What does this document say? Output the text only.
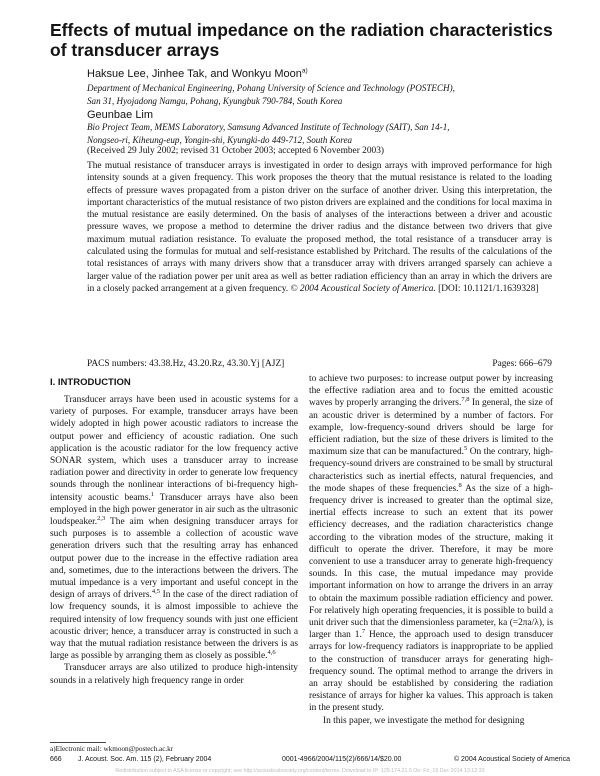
Effects of mutual impedance on the radiation characteristics of transducer arrays
Haksue Lee, Jinhee Tak, and Wonkyu Moon$^{a)}$
Department of Mechanical Engineering, Pohang University of Science and Technology (POSTECH),
San 31, Hyojadong Namgu, Pohang, Kyungbuk 790-784, South Korea
Geunbae Lim
Bio Project Team, MEMS Laboratory, Samsung Advanced Institute of Technology (SAIT), San 14-1,
Nongseo-ri, Kiheung-eup, Yongin-shi, Kyungki-do 449-712, South Korea
(Received 29 July 2002; revised 31 October 2003; accepted 6 November 2003)
The mutual resistance of transducer arrays is investigated in order to design arrays with improved performance for high intensity sounds at a given frequency. This work proposes the theory that the mutual resistance is related to the loading effects of pressure waves propagated from a piston driver on the surface of another driver. Using this interpretation, the important characteristics of the mutual resistance of two piston drivers are explained and the conditions for local maxima in the mutual resistance are easily determined. On the basis of analyses of the interactions between a driver and acoustic pressure waves, we propose a method to determine the driver radius and the distance between two drivers that give maximum mutual radiation resistance. To evaluate the proposed method, the total resistance of a transducer array is calculated using the formulas for mutual and self-resistance established by Pritchard. The results of the calculations of the total resistances of arrays with many drivers show that a transducer array with drivers arranged sparsely can achieve a larger value of the radiation power per unit area as well as better radiation efficiency than an array in which the drivers are in a closely packed arrangement at a given frequency. © 2004 Acoustical Society of America. [DOI: 10.1121/1.1639328]
PACS numbers: 43.38.Hz, 43.20.Rz, 43.30.Yj [AJZ]	Pages: 666–679
I. INTRODUCTION

Transducer arrays have been used in acoustic systems for a variety of purposes. For example, transducer arrays have been widely adopted in high power acoustic radiators to increase the output power and efficiency of acoustic radiation. One such application is the acoustic radiator for the low frequency active SONAR system, which uses a transducer array to increase radiation power and directivity in order to generate low frequency sounds through the nonlinear interactions of bi-frequency high-intensity acoustic beams.$^1$ Transducer arrays have also been employed in the high power generator in air such as the ultrasonic loudspeaker.$^{2,3}$ The aim when designing transducer arrays for such purposes is to assemble a collection of acoustic wave generation drivers such that the resulting array has enhanced output power due to the increase in the effective radiation area and, sometimes, due to the interactions between the drivers. The mutual impedance is a very important and useful concept in the design of arrays of drivers.$^{4,5}$ In the case of the direct radiation of low frequency sounds, it is almost impossible to achieve the required intensity of low frequency sounds with just one efficient acoustic driver; hence, a transducer array is constructed in such a way that the mutual radiation resistance between the drivers is as large as possible by arranging them as closely as possible.$^{4,6}$

Transducer arrays are also utilized to produce high-intensity sounds in a relatively high frequency range in order

to achieve two purposes: to increase output power by increasing the effective radiation area and to focus the emitted acoustic waves by properly arranging the drivers.$^{7,8}$ In general, the size of an acoustic driver is determined by a number of factors. For example, low-frequency-sound drivers should be large for efficient radiation, but the size of these drivers is limited to the maximum size that can be manufactured.$^5$ On the contrary, high-frequency-sound drivers are constrained to be small by structural characteristics such as inertial effects, natural frequencies, and the mode shapes of these frequencies.$^8$ As the size of a high-frequency driver is increased to greater than the optimal size, inertial effects increase to such an extent that its power efficiency decreases, and the radiation characteristics change according to the vibration modes of the structure, making it difficult to operate the driver. Therefore, it may be more convenient to use a transducer array to generate high-frequency sounds. In this case, the mutual impedance may provide important information on how to arrange the drivers in an array to obtain the maximum possible radiation efficiency and power. For relatively high operating frequencies, it is possible to build a unit driver such that the dimensionless parameter, ka (=2πa/λ), is larger than 1.$^7$ Hence, the approach used to design transducer arrays for low-frequency radiators is inappropriate to be applied to the construction of transducer arrays for generating high-frequency sound. The optimal method to arrange the drivers in an array should be established by considering the radiation resistance of arrays for higher ka values. This approach is taken in the present study.

In this paper, we investigate the method for designing

a)Electronic mail: wkmoon@postech.ac.kr
666 J. Acoust. Soc. Am. 115 (2), February 2004	0001-4966/2004/115(2)/666/14/$20.00	© 2004 Acoustical Society of America
Redistribution subject to ASA license or copyright; see http://acousticalsociety.org/content/terms. Download to IP: 129.174.21.5 On: Fri, 19 Dec 2014 13:12:33
